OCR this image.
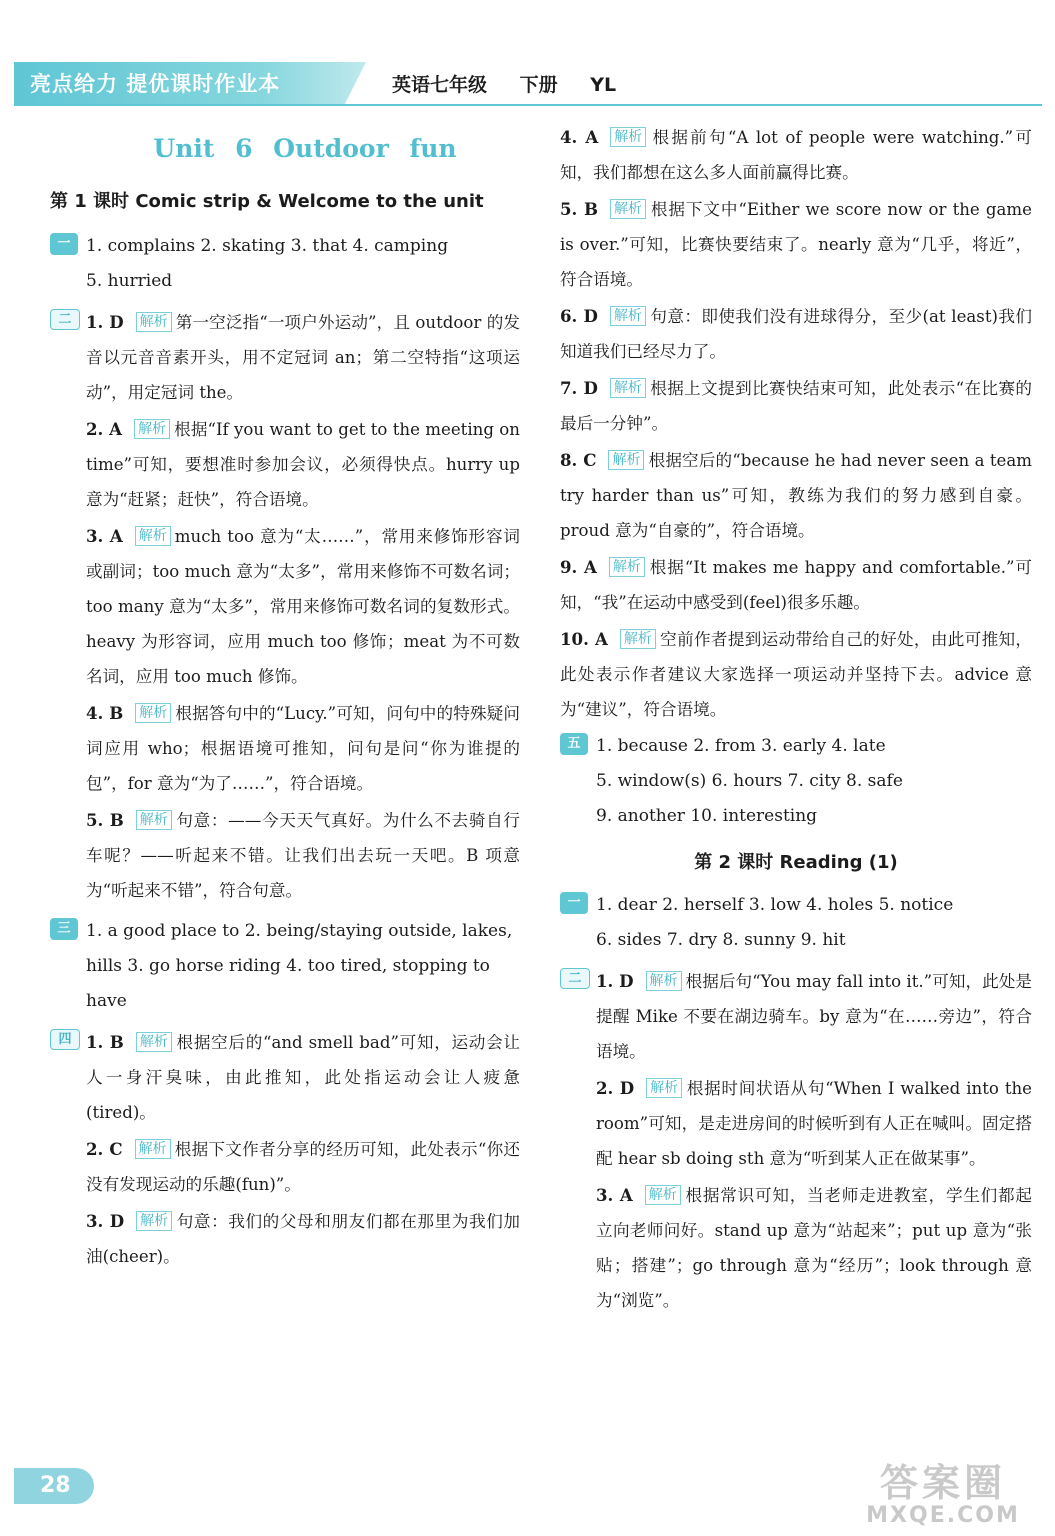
亮点给力 提优课时作业本	英语七年级 下册 YL
Unit 6 Outdoor fun
第 1 课时 Comic strip & Welcome to the unit
一 1. complains 2. skating 3. that 4. camping

5. hurried

二 1. D 解析 第一空泛指“一项户外运动”，且 outdoor 的发音以元音音素开头，用不定冠词 an；第二空特指“这项运动”，用定冠词 the。
2. A 解析 根据“If you want to get to the meeting on time”可知，要想准时参加会议，必须得快点。hurry up 意为“赶紧；赶快”，符合语境。
3. A 解析 much too 意为“太……”，常用来修饰形容词或副词；too much 意为“太多”，常用来修饰不可数名词；too many 意为“太多”，常用来修饰可数名词的复数形式。heavy 为形容词，应用 much too 修饰；meat 为不可数名词，应用 too much 修饰。
4. B 解析 根据答句中的“Lucy.”可知，问句中的特殊疑问词应用 who；根据语境可推知，问句是问“你为谁提的包”，for 意为“为了……”，符合语境。
5. B 解析 句意：——今天天气真好。为什么不去骑自行车呢？——听起来不错。让我们出去玩一天吧。B 项意为“听起来不错”，符合句意。
三 1. a good place to 2. being/staying outside, lakes, hills 3. go horse riding 4. too tired, stopping to have

四 1. B 解析 根据空后的“and smell bad”可知，运动会让人一身汗臭味，由此推知，此处指运动会让人疲惫(tired)。
2. C 解析 根据下文作者分享的经历可知，此处表示“你还没有发现运动的乐趣(fun)”。
3. D 解析 句意：我们的父母和朋友们都在那里为我们加油(cheer)。
4. A 解析 根据前句“A lot of people were watching.”可知，我们都想在这么多人面前赢得比赛。
5. B 解析 根据下文中“Either we score now or the game is over.”可知，比赛快要结束了。nearly 意为“几乎，将近”，符合语境。
6. D 解析 句意：即使我们没有进球得分，至少(at least)我们知道我们已经尽力了。
7. D 解析 根据上文提到比赛快结束可知，此处表示“在比赛的最后一分钟”。
8. C 解析 根据空后的“because he had never seen a team try harder than us”可知，教练为我们的努力感到自豪。proud 意为“自豪的”，符合语境。
9. A 解析 根据“It makes me happy and comfortable.”可知，“我”在运动中感受到(feel)很多乐趣。
10. A 解析 空前作者提到运动带给自己的好处，由此可推知，此处表示作者建议大家选择一项运动并坚持下去。advice 意为“建议”，符合语境。
五 1. because 2. from 3. early 4. late

5. window(s) 6. hours 7. city 8. safe

9. another 10. interesting

第 2 课时 Reading (1)
一 1. dear 2. herself 3. low 4. holes 5. notice

6. sides 7. dry 8. sunny 9. hit

二 1. D 解析 根据后句“You may fall into it.”可知，此处是提醒 Mike 不要在湖边骑车。by 意为“在……旁边”，符合语境。
2. D 解析 根据时间状语从句“When I walked into the room”可知，是走进房间的时候听到有人正在喊叫。固定搭配 hear sb doing sth 意为“听到某人正在做某事”。
3. A 解析 根据常识可知，当老师走进教室，学生们都起立向老师问好。stand up 意为“站起来”；put up 意为“张贴；搭建”；go through 意为“经历”；look through 意为“浏览”。
28	答案圈
MXQE.COM
